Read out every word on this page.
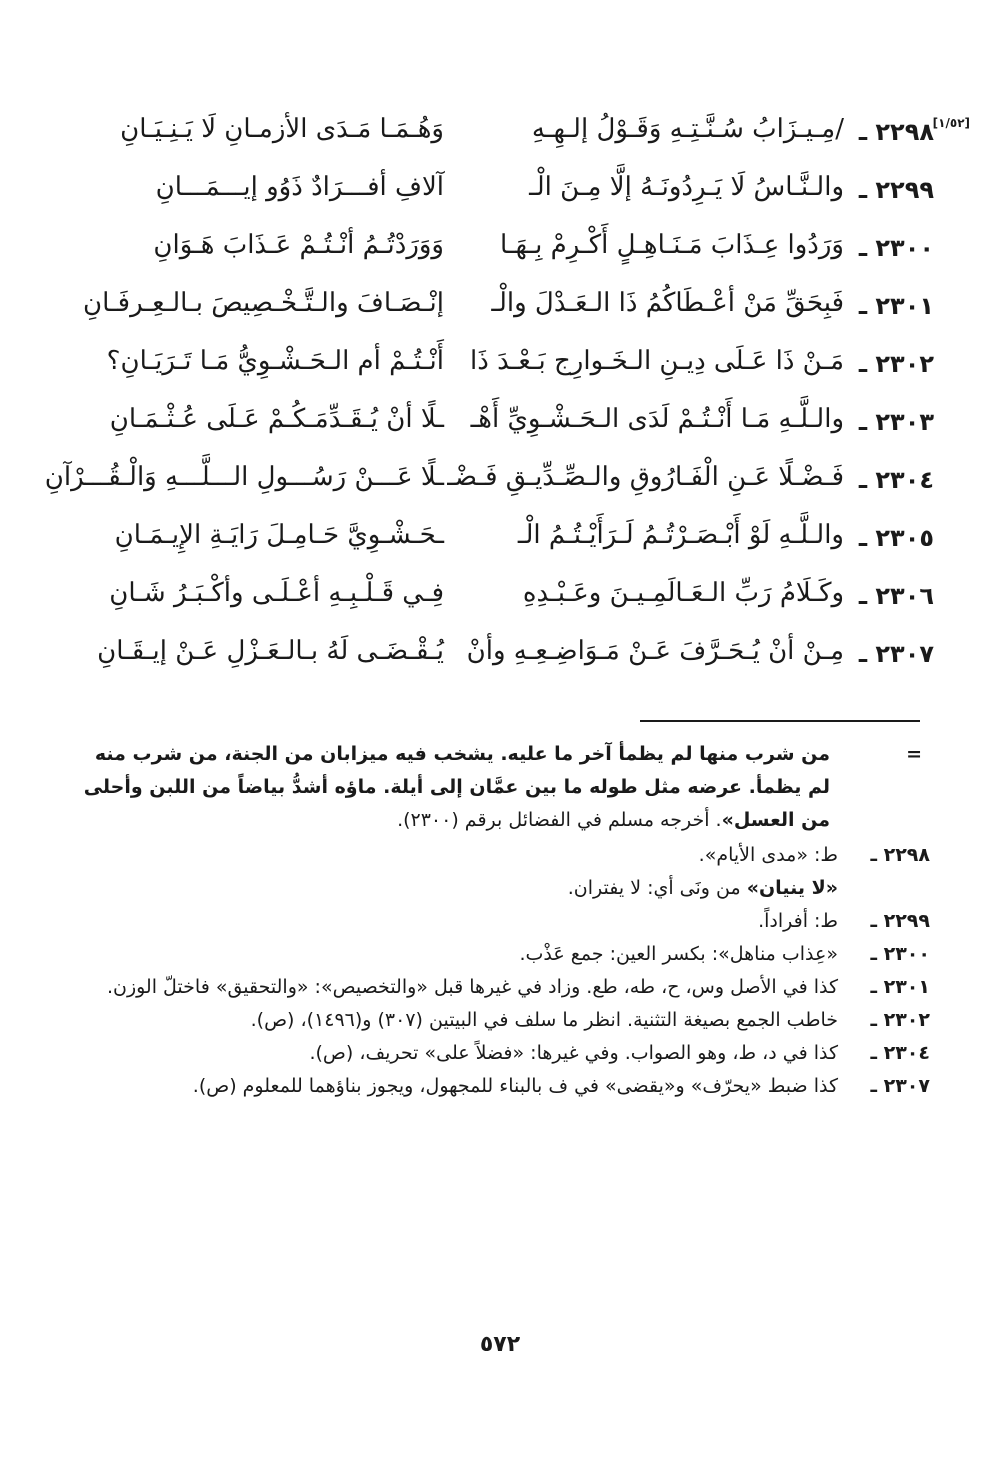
[١/٥٢]
٢٢٩٨ ـ
/مِـيـزَابُ سُـنَّـتِـهِ وَقَـوْلُ إلـهِـهِ
وَهُـمَـا مَـدَى الأزمـانِ لَا يَـنِـيَـانِ
٢٢٩٩ ـ
والـنَّـاسُ لَا يَـرِدُونَـهُ إلَّا مِـنَ الْـ
آلافِ أفـــرَادٌ ذَوُو إيـــمَـــانِ
٢٣٠٠ ـ
وَرَدُوا عِـذَابَ مَـنَـاهِـلٍ أَكْـرِمْ بِـهَـا
وَوَرَدْتُـمُ أنْـتُـمْ عَـذَابَ هَـوَانِ
٢٣٠١ ـ
فَبِحَقِّ مَنْ أعْـطَاكُمُ ذَا الـعَـدْلَ والْـ
إنْـصَـافَ والـتَّـخْـصِيصَ بـالـعِـرفَـانِ
٢٣٠٢ ـ
مَـنْ ذَا عَـلَى دِيـنِ الـخَـوارِج بَـعْـدَ ذَا
أَنْـتُـمْ أم الـحَـشْـوِيُّ مَـا تَـرَيَـانِ؟
٢٣٠٣ ـ
والـلَّـهِ مَـا أَنْـتُـمْ لَدَى الـحَـشْـوِيِّ أَهْـ
ـلًا أنْ يُـقَـدِّمَـكُـمْ عَـلَى عُـثْـمَـانِ
٢٣٠٤ ـ
فَـضْـلًا عَـنِ الْفَـارُوقِ والـصِّـدِّيـقِ فَـضْـ
ـلًا عَـــنْ رَسُـــولِ الـــلَّـــهِ وَالْـقُـــرْآنِ
٢٣٠٥ ـ
والـلَّـهِ لَوْ أَبْـصَـرْتُـمُ لَـرَأَيْـتُـمُ الْـ
ـحَـشْـوِيَّ حَـامِـلَ رَايَـةِ الإِيـمَـانِ
٢٣٠٦ ـ
وكَـلَامُ رَبِّ الـعَـالَمِـيـنَ وعَـبْـدِهِ
فِـي قَـلْـبِـهِ أعْـلَـى وأكْـبَـرُ شَـانِ
٢٣٠٧ ـ
مِـنْ أنْ يُـحَـرَّفَ عَـنْ مَـوَاضِـعِـهِ وأنْ
يُـقْـضَـى لَهُ بـالـعَـزْلِ عَـنْ إيـقَـانِ
=
من شرب منها لم يظمأ آخر ما عليه. يشخب فيه ميزابان من الجنة، من شرب منه لم يظمأ. عرضه مثل طوله ما بين عمَّان إلى أيلة. ماؤه أشدُّ بياضاً من اللبن وأحلى من العسل». أخرجه مسلم في الفضائل برقم (٢٣٠٠).

٢٢٩٨ ـ
ط: «مدى الأيام».

«لا ينيان» من ونَى أي: لا يفتران.

٢٢٩٩ ـ
ط: أفراداً.

٢٣٠٠ ـ
«عِذاب مناهل»: بكسر العين: جمع عَذْب.

٢٣٠١ ـ
كذا في الأصل وس، ح، طه، طع. وزاد في غيرها قبل «والتخصيص»: «والتحقيق» فاختلّ الوزن.

٢٣٠٢ ـ
خاطب الجمع بصيغة التثنية. انظر ما سلف في البيتين (٣٠٧) و(١٤٩٦)، (ص).

٢٣٠٤ ـ
كذا في د، ط، وهو الصواب. وفي غيرها: «فضلاً على» تحريف، (ص).

٢٣٠٧ ـ
كذا ضبط «يحرّف» و«يقضى» في ف بالبناء للمجهول، ويجوز بناؤهما للمعلوم (ص).

٥٧٢
